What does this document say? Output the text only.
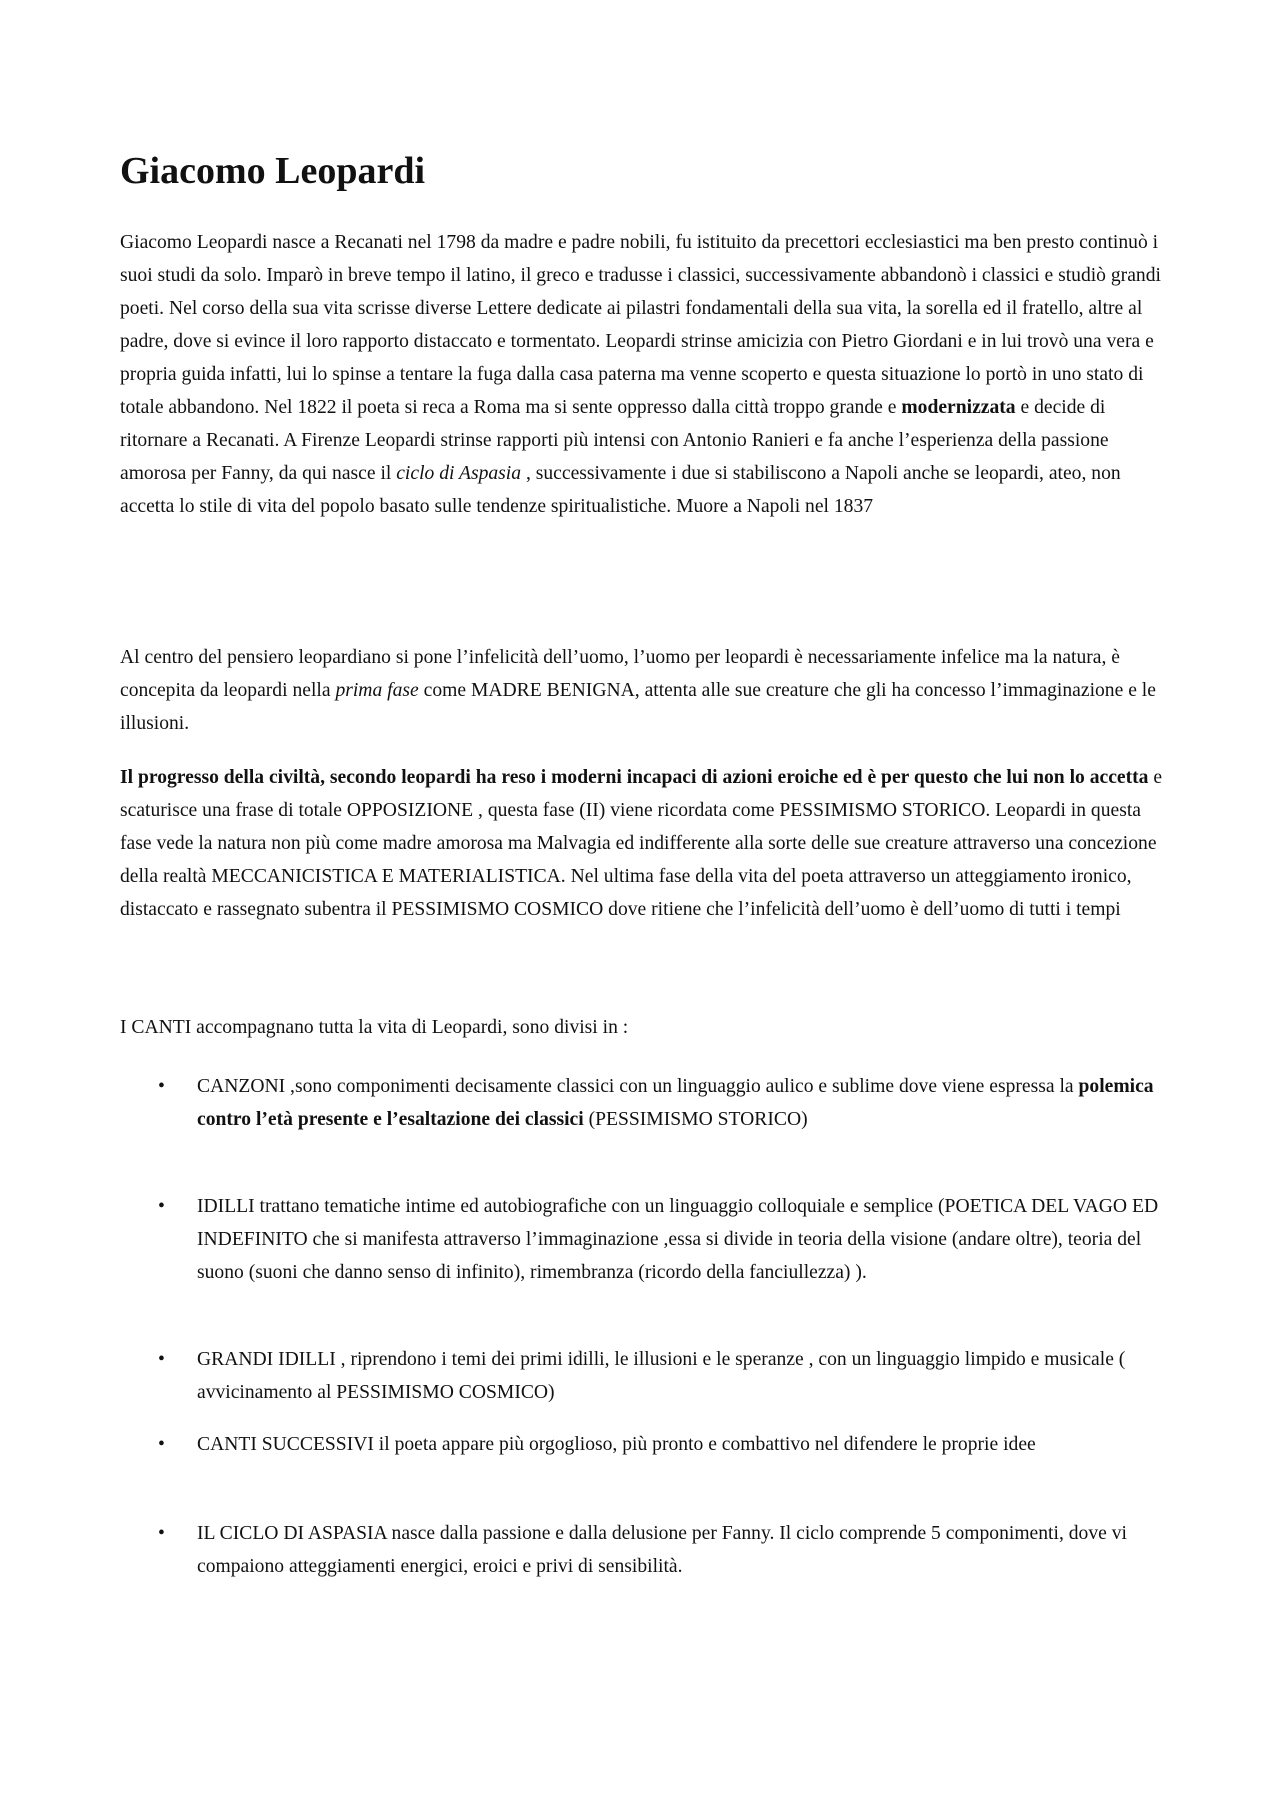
Giacomo Leopardi
Giacomo Leopardi nasce a Recanati nel 1798 da madre e padre nobili, fu istituito da precettori ecclesiastici ma ben presto continuò i suoi studi da solo. Imparò in breve tempo il latino, il greco e tradusse i classici, successivamente abbandonò i classici e studiò grandi poeti. Nel corso della sua vita scrisse diverse Lettere dedicate ai pilastri fondamentali della sua vita, la sorella ed il fratello, altre al padre, dove si evince il loro rapporto distaccato e tormentato. Leopardi strinse amicizia con Pietro Giordani e in lui trovò una vera e propria guida infatti, lui lo spinse a tentare la fuga dalla casa paterna ma venne scoperto e questa situazione lo portò in uno stato di totale abbandono. Nel 1822 il poeta si reca a Roma ma si sente oppresso dalla città troppo grande e modernizzata e decide di ritornare a Recanati. A Firenze Leopardi strinse rapporti più intensi con Antonio Ranieri e fa anche l’esperienza della passione amorosa per Fanny, da qui nasce il ciclo di Aspasia , successivamente i due si stabiliscono a Napoli anche se leopardi, ateo, non accetta lo stile di vita del popolo basato sulle tendenze spiritualistiche. Muore a Napoli nel 1837
Al centro del pensiero leopardiano si pone l’infelicità dell’uomo, l’uomo per leopardi è necessariamente infelice ma la natura, è concepita da leopardi nella prima fase come MADRE BENIGNA, attenta alle sue creature che gli ha concesso l’immaginazione e le illusioni.
Il progresso della civiltà, secondo leopardi ha reso i moderni incapaci di azioni eroiche ed è per questo che lui non lo accetta e scaturisce una frase di totale OPPOSIZIONE , questa fase (II) viene ricordata come PESSIMISMO STORICO. Leopardi in questa fase vede la natura non più come madre amorosa ma Malvagia ed indifferente alla sorte delle sue creature attraverso una concezione della realtà MECCANICISTICA E MATERIALISTICA. Nel ultima fase della vita del poeta attraverso un atteggiamento ironico, distaccato e rassegnato subentra il PESSIMISMO COSMICO dove ritiene che l’infelicità dell’uomo è dell’uomo di tutti i tempi
I CANTI accompagnano tutta la vita di Leopardi, sono divisi in :
• CANZONI ,sono componimenti decisamente classici con un linguaggio aulico e sublime dove viene espressa la polemica contro l’età presente e l’esaltazione dei classici (PESSIMISMO STORICO)
• IDILLI trattano tematiche intime ed autobiografiche con un linguaggio colloquiale e semplice (POETICA DEL VAGO ED INDEFINITO che si manifesta attraverso l’immaginazione ,essa si divide in teoria della visione (andare oltre), teoria del suono (suoni che danno senso di infinito), rimembranza (ricordo della fanciullezza) ).
• GRANDI IDILLI , riprendono i temi dei primi idilli, le illusioni e le speranze , con un linguaggio limpido e musicale ( avvicinamento al PESSIMISMO COSMICO)
• CANTI SUCCESSIVI il poeta appare più orgoglioso, più pronto e combattivo nel difendere le proprie idee
• IL CICLO DI ASPASIA nasce dalla passione e dalla delusione per Fanny. Il ciclo comprende 5 componimenti, dove vi compaiono atteggiamenti energici, eroici e privi di sensibilità.
